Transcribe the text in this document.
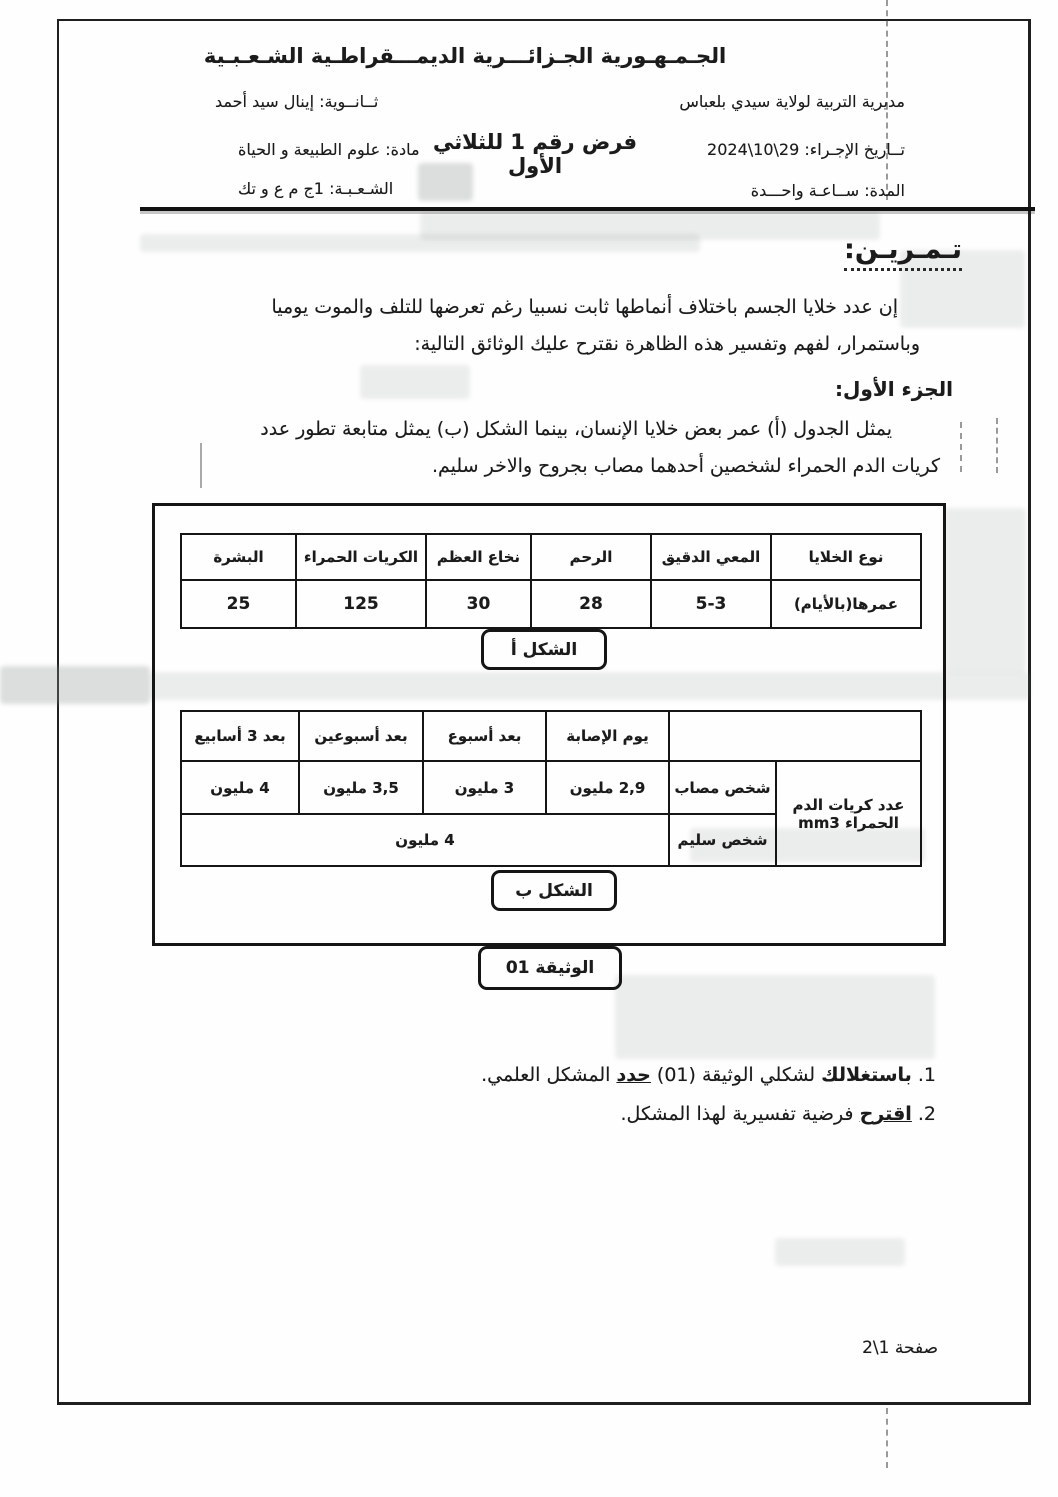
الجـمـهـورية الجـزائـــرية الديمـــقراطـية الشـعـبـية
مديرية التربية لولاية سيدي بلعباس
ثــانــوية: إينال سيد أحمد
تــاريخ الإجـراء: 2024\10\29
فرض رقم 1 للثلاثي الأول
مادة: علوم الطبيعة و الحياة
المدة: ســاعـة واحـــدة
الشـعـبـة: 1ج م ع و تك
تـمـريـن:
إن عدد خلايا الجسم باختلاف أنماطها ثابت نسبيا رغم تعرضها للتلف والموت يوميا
وباستمرار، لفهم وتفسير هذه الظاهرة نقترح عليك الوثائق التالية:
الجزء الأول:
يمثل الجدول (أ) عمر بعض خلايا الإنسان، بينما الشكل (ب) يمثل متابعة تطور عدد
كريات الدم الحمراء لشخصين أحدهما مصاب بجروح والاخر سليم.
نوع الخلايا	المعي الدقيق	الرحم	نخاع العظم	الكريات الحمراء	البشرة
عمرها(بالأيام)	5-3	28	30	125	25
الشكل أ
		يوم الإصابة	بعد أسبوع	بعد أسبوعين	بعد 3 أسابيع
عدد كريات الدم الحمراء mm3	شخص مصاب	2,9 مليون	3 مليون	3,5 مليون	4 مليون
	شخص سليم	4 مليون			
الشكل ب
الوثيقة 01
1. باستغلالك لشكلي الوثيقة (01) حدد المشكل العلمي.
2. اقترح فرضية تفسيرية لهذا المشكل.
صفحة 2\1
